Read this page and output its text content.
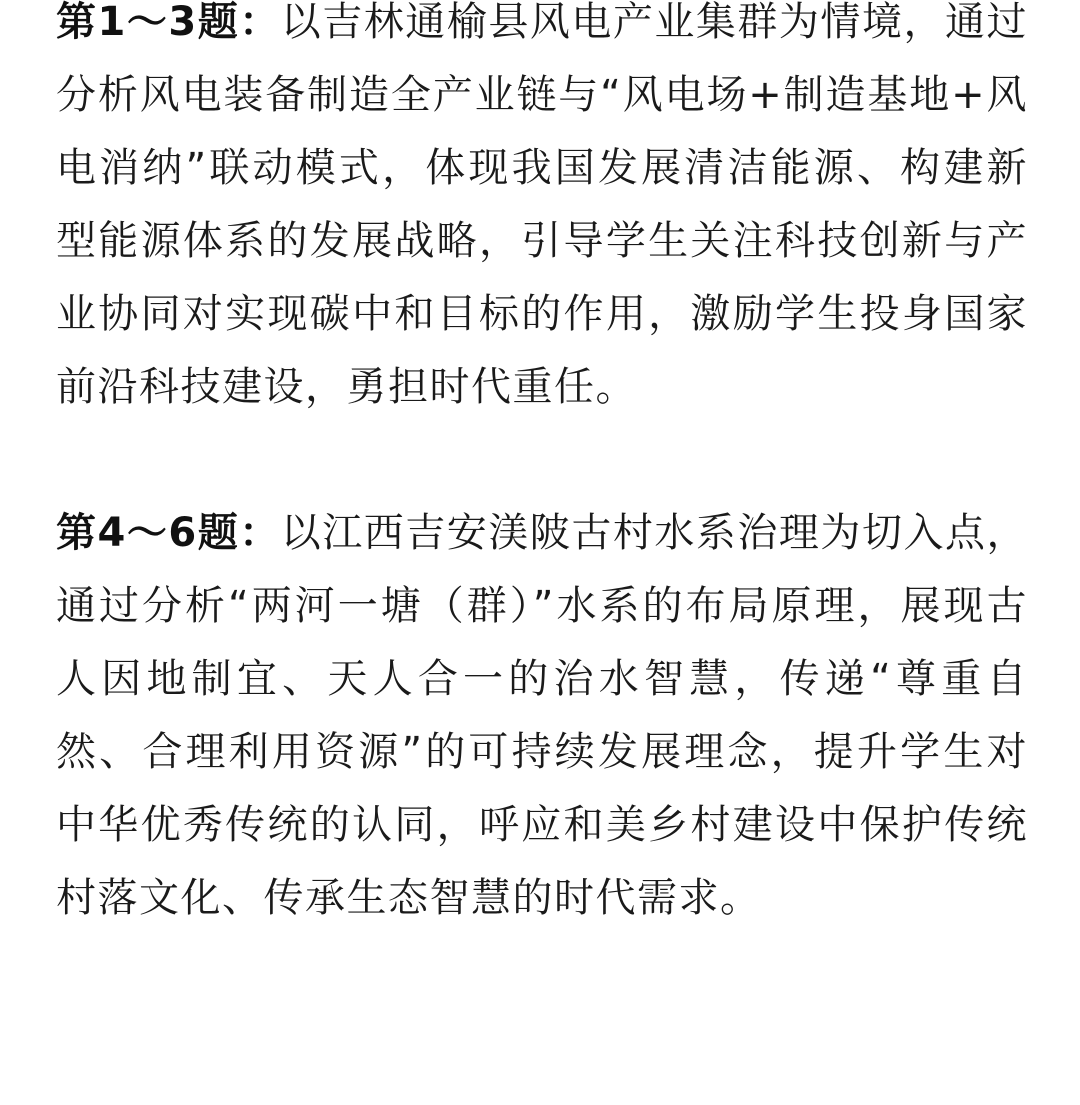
第1～3题：以吉林通榆县风电产业集群为情境，通过分析风电装备制造全产业链与“风电场+制造基地+风电消纳”联动模式，体现我国发展清洁能源、构建新型能源体系的发展战略，引导学生关注科技创新与产业协同对实现碳中和目标的作用，激励学生投身国家前沿科技建设，勇担时代重任。

第4～6题：以江西吉安渼陂古村水系治理为切入点，通过分析“两河一塘（群）”水系的布局原理，展现古人因地制宜、天人合一的治水智慧，传递“尊重自然、合理利用资源”的可持续发展理念，提升学生对中华优秀传统的认同，呼应和美乡村建设中保护传统村落文化、传承生态智慧的时代需求。
